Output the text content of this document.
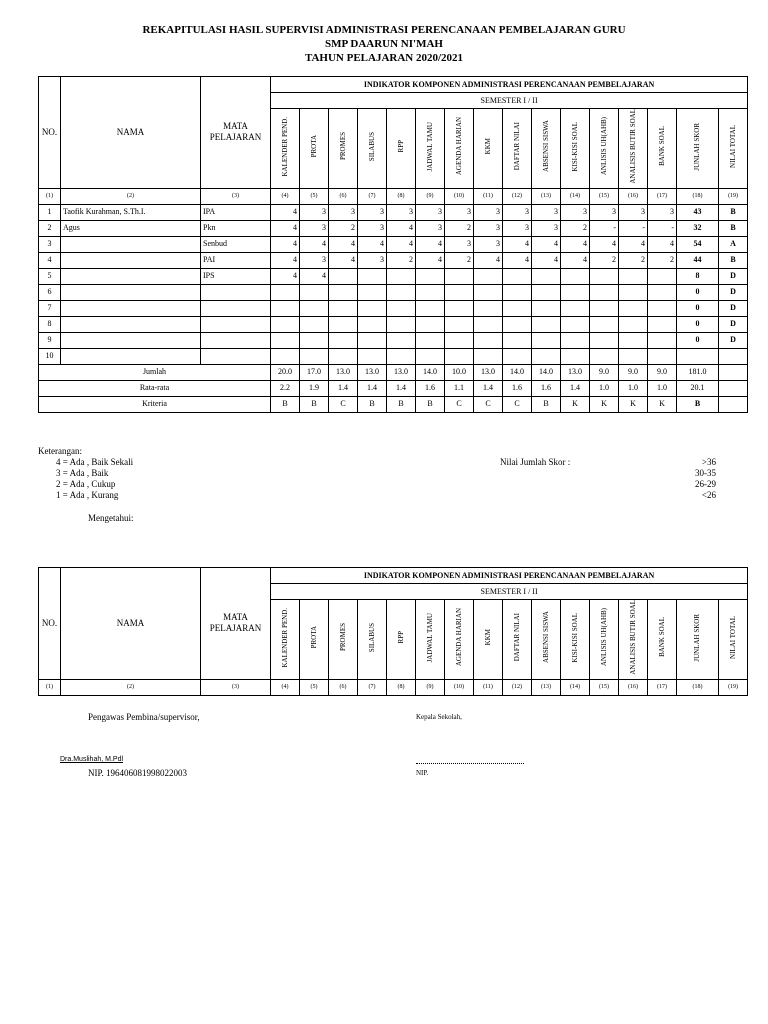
REKAPITULASI HASIL SUPERVISI ADMINISTRASI PERENCANAAN PEMBELAJARAN GURU
SMP DAARUN NI'MAH
TAHUN PELAJARAN 2020/2021
NO.	NAMA	MATA PELAJARAN	INDIKATOR KOMPONEN ADMINISTRASI PERENCANAAN PEMBELAJARAN															
			SEMESTER I / II															
			KALENDER PEND.	PROTA	PROMES	SILABUS	RPP	JADWAL TAMU	AGENDA HARIAN	KKM	DAFTAR NILAI	ABSENSI SISWA	KISI-KISI SOAL	ANLISIS UH(AHB)	ANALISIS BUTIR SOAL	BANK SOAL	JUNLAH SKOR	NILAI TOTAL
(1)	(2)	(3)	(4)	(5)	(6)	(7)	(8)	(9)	(10)	(11)	(12)	(13)	(14)	(15)	(16)	(17)	(18)	(19)
1	Taofik Kurahman, S.Th.I.	IPA	4	3	3	3	3	3	3	3	3	3	3	3	3	3	43	B
2	Agus	Pkn	4	3	2	3	4	3	2	3	3	3	2	-	-	-	32	B
3		Senbud	4	4	4	4	4	4	3	3	4	4	4	4	4	4	54	A
4		PAI	4	3	4	3	2	4	2	4	4	4	4	2	2	2	44	B
5		IPS	4	4													8	D
6																	0	D
7																	0	D
8																	0	D
9																	0	D
10																		
Jumlah			20.0	17.0	13.0	13.0	13.0	14.0	10.0	13.0	14.0	14.0	13.0	9.0	9.0	9.0	181.0	
Rata-rata			2.2	1.9	1.4	1.4	1.4	1.6	1.1	1.4	1.6	1.6	1.4	1.0	1.0	1.0	20.1	
Kriteria			B	B	C	B	B	B	C	C	C	B	K	K	K	K	B	
Keterangan:
4 = Ada , Baik Sekali
3 = Ada , Baik
2 = Ada , Cukup
1 = Ada , Kurang
Nilai Jumlah Skor :	>36
30-35
26-29
<26
Mengetahui:
NO.	NAMA	MATA PELAJARAN	INDIKATOR KOMPONEN ADMINISTRASI PERENCANAAN PEMBELAJARAN															
			SEMESTER I / II															
			KALENDER PEND.	PROTA	PROMES	SILABUS	RPP	JADWAL TAMU	AGENDA HARIAN	KKM	DAFTAR NILAI	ABSENSI SISWA	KISI-KISI SOAL	ANLISIS UH(AHB)	ANALISIS BUTIR SOAL	BANK SOAL	JUNLAH SKOR	NILAI TOTAL
(1)	(2)	(3)	(4)	(5)	(6)	(7)	(8)	(9)	(10)	(11)	(12)	(13)	(14)	(15)	(16)	(17)	(18)	(19)
Pengawas Pembina/supervisor,	Kepala Sekolah,
Dra.Muslihah, M.Pdl
NIP. 196406081998022003	NIP.
